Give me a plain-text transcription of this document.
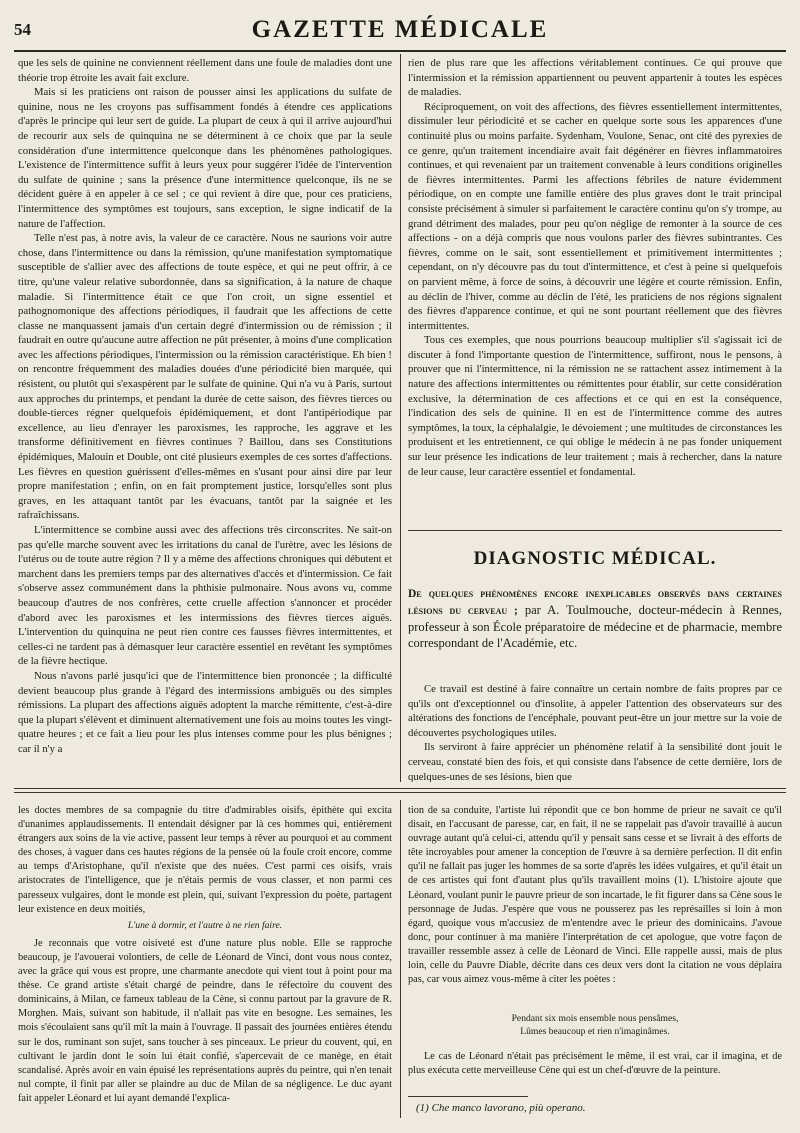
54	GAZETTE MÉDICALE

que les sels de quinine ne conviennent réellement dans une foule de maladies dont une théorie trop étroite les avait fait exclure.

Mais si les praticiens ont raison de pousser ainsi les applications du sulfate de quinine, nous ne les croyons pas suffisamment fondés à étendre ces applications d'après le principe qui leur sert de guide. La plupart de ceux à qui il arrive aujourd'hui de recourir aux sels de quinquina ne se déterminent à ce choix que par la seule considération d'une intermittence quelconque dans les phénomènes pathologiques. L'existence de l'intermittence suffit à leurs yeux pour suggérer l'idée de l'intervention du sulfate de quinine ; sans la présence d'une intermittence quelconque, ils ne se décident guère à en appeler à ce sel ; ce qui revient à dire que, pour ces praticiens, l'intermittence des symptômes est toujours, sans exception, le signe indicatif de la nature de l'affection.

Telle n'est pas, à notre avis, la valeur de ce caractère. Nous ne saurions voir autre chose, dans l'intermittence ou dans la rémission, qu'une manifestation symptomatique susceptible de s'allier avec des affections de toute espèce, et qui ne peut offrir, à ce titre, qu'une valeur relative subordonnée, dans sa signification, à la nature de chaque maladie. Si l'intermittence était ce que l'on croit, un signe essentiel et pathognomonique des affections périodiques, il faudrait que les affections de cette classe ne manquassent jamais d'un certain degré d'intermission ou de rémission ; il faudrait en outre qu'aucune autre affection ne pût présenter, à moins d'une complication avec les affections périodiques, l'intermission ou la rémission caractéristique. Eh bien ! on rencontre fréquemment des maladies douées d'une périodicité bien marquée, qui résistent, ou plutôt qui s'exaspèrent par le sulfate de quinine. Qui n'a vu à Paris, surtout aux approches du printemps, et pendant la durée de cette saison, des fièvres tierces ou double-tierces régner quelquefois épidémiquement, et dont l'antipériodique par excellence, au lieu d'enrayer les paroxismes, les rapproche, les aggrave et les transforme définitivement en fièvres continues ? Baillou, dans ses Constitutions épidémiques, Malouin et Double, ont cité plusieurs exemples de ces sortes d'affections. Les fièvres en question guérissent d'elles-mêmes en s'usant pour ainsi dire par leur propre manifestation ; enfin, on en fait promptement justice, lorsqu'elles sont plus graves, en les attaquant tantôt par les évacuans, tantôt par la saignée et les rafraîchissans.

L'intermittence se combine aussi avec des affections très circonscrites. Ne sait-on pas qu'elle marche souvent avec les irritations du canal de l'urètre, avec les lésions de l'utérus ou de toute autre région ? Il y a même des affections chroniques qui débutent et marchent dans les premiers temps par des alternatives d'accès et d'intermission. Ce fait s'observe assez communément dans la phthisie pulmonaire. Nous avons vu, comme beaucoup d'autres de nos confrères, cette cruelle affection s'annoncer et procéder d'abord avec les paroxismes et les intermissions des fièvres tierces aiguës. L'intervention du quinquina ne peut rien contre ces fausses fièvres intermittentes, et celles-ci ne tardent pas à démasquer leur caractère essentiel en revêtant les symptômes de la fièvre hectique.

Nous n'avons parlé jusqu'ici que de l'intermittence bien prononcée ; la difficulté devient beaucoup plus grande à l'égard des intermissions ambiguës ou des simples rémissions. La plupart des affections aiguës adoptent la marche rémittente, c'est-à-dire que la plupart s'élèvent et diminuent alternativement une fois au moins toutes les vingt-quatre heures ; et ce fait a lieu pour les plus intenses comme pour les plus bénignes ; car il n'y a

rien de plus rare que les affections véritablement continues. Ce qui prouve que l'intermission et la rémission appartiennent ou peuvent appartenir à toutes les espèces de maladies.

Réciproquement, on voit des affections, des fièvres essentiellement intermittentes, dissimuler leur périodicité et se cacher en quelque sorte sous les apparences d'une continuité plus ou moins parfaite. Sydenham, Voulone, Senac, ont cité des pyrexies de ce genre, qu'un traitement incendiaire avait fait dégénérer en fièvres inflammatoires continues, et qui revenaient par un traitement convenable à leurs conditions originelles de fièvres intermittentes. Parmi les affections fébriles de nature évidemment périodique, on en compte une famille entière des plus graves dont le trait principal consiste précisément à simuler si parfaitement le caractère continu qu'on s'y trompe, au grand détriment des malades, pour peu qu'on néglige de remonter à la source de ces affections - on a déjà compris que nous voulons parler des fièvres subintrantes. Ces fièvres, comme on le sait, sont essentiellement et primitivement intermittentes ; cependant, on n'y découvre pas du tout d'intermittence, et c'est à peine si quelquefois on parvient même, à force de soins, à découvrir une légère et courte rémission. Enfin, au déclin de l'hiver, comme au déclin de l'été, les praticiens de nos régions signalent des fièvres d'apparence continue, et qui ne sont pourtant réellement que des fièvres intermittentes.

Tous ces exemples, que nous pourrions beaucoup multiplier s'il s'agissait ici de discuter à fond l'importante question de l'intermittence, suffiront, nous le pensons, à prouver que ni l'intermittence, ni la rémission ne se rattachent assez intimement à la nature des affections intermittentes ou rémittentes pour établir, sur cette considération exclusive, la détermination de ces affections et ce qui en est la conséquence, l'indication des sels de quinine. Il en est de l'intermittence comme des autres symptômes, la toux, la céphalalgie, le dévoiement ; une multitudes de circonstances les produisent et les entretiennent, ce qui oblige le médecin à ne pas fonder uniquement sur leur présence les indications de leur traitement ; mais à rechercher, dans la nature de leur cause, leur caractère essentiel et fondamental.

DIAGNOSTIC MÉDICAL.
De quelques phénomènes encore inexplicables observés dans certaines lésions du cerveau ; par A. Toulmouche, docteur-médecin à Rennes, professeur à son École préparatoire de médecine et de pharmacie, membre correspondant de l'Académie, etc.

Ce travail est destiné à faire connaître un certain nombre de faits propres par ce qu'ils ont d'exceptionnel ou d'insolite, à appeler l'attention des observateurs sur des altérations des fonctions de l'encéphale, pouvant peut-être un jour mettre sur la voie de découvertes psychologiques utiles.

Ils serviront à faire apprécier un phénomène relatif à la sensibilité dont jouit le cerveau, constaté bien des fois, et qui consiste dans l'absence de cette dernière, lors de quelques-unes de ses lésions, bien que

les doctes membres de sa compagnie du titre d'admirables oisifs, épithète qui excita d'unanimes applaudissements. Il entendait désigner par là ces hommes qui, entièrement étrangers aux soins de la vie active, passent leur temps à rêver au pourquoi et au comment des choses, à vaguer dans ces hautes régions de la pensée où la foule croit encore, comme au temps d'Aristophane, qu'il n'existe que des nuées. C'est parmi ces oisifs, vrais aristocrates de l'intelligence, que je n'étais permis de vous classer, et non parmi ces paresseux vulgaires, dont le monde est plein, qui, suivant l'expression du poète, partagent leur existence en deux moitiés,

L'une à dormir, et l'autre à ne rien faire.

Je reconnais que votre oisiveté est d'une nature plus noble. Elle se rapproche beaucoup, je l'avouerai volontiers, de celle de Léonard de Vinci, dont vous nous contez, avec la grâce qui vous est propre, une charmante anecdote qui vient tout à point pour ma thèse. Ce grand artiste s'était chargé de peindre, dans le réfectoire du couvent des dominicains, à Milan, ce fameux tableau de la Cène, si connu partout par la gravure de R. Morghen. Mais, suivant son habitude, il n'allait pas vite en besogne. Les semaines, les mois s'écoulaient sans qu'il mît la main à l'ouvrage. Il passait des journées entières étendu sur le dos, ruminant son sujet, sans toucher à ses pinceaux. Le prieur du couvent, qui, en cultivant le jardin dont le soin lui était confié, s'apercevait de ce manège, en était scandalisé. Après avoir en vain épuisé les représentations auprès du peintre, qui n'en tenait nul compte, il finit par aller se plaindre au duc de Milan de sa négligence. Le duc ayant fait appeler Léonard et lui ayant demandé l'explica-

tion de sa conduite, l'artiste lui répondit que ce bon homme de prieur ne savait ce qu'il disait, en l'accusant de paresse, car, en fait, il ne se rappelait pas d'avoir travaillé à aucun ouvrage autant qu'à celui-ci, attendu qu'il y pensait sans cesse et se livrait à des efforts de tête incroyables pour amener la conception de l'œuvre à sa dernière perfection. Il dit enfin qu'il ne fallait pas juger les hommes de sa sorte d'après les idées vulgaires, et qu'il était un de ces artistes qui font d'autant plus qu'ils travaillent moins (1). L'histoire ajoute que Léonard, voulant punir le pauvre prieur de son incartade, le fit figurer dans sa Cène sous le personnage de Judas. J'espère que vous ne pousserez pas les représailles si loin à mon égard, quoique vous m'accusiez de m'entendre avec le prieur des dominicains. J'avoue donc, pour continuer à ma manière l'interprétation de cet apologue, que votre façon de travailler ressemble assez à celle de Léonard de Vinci. Elle rappelle aussi, mais de plus loin, celle du Pauvre Diable, décrite dans ces deux vers dont la citation ne vous déplaira pas, car vous aimez vous-même à citer les poètes :

Pendant six mois ensemble nous pensâmes,
Lûmes beaucoup et rien n'imaginâmes.

Le cas de Léonard n'était pas précisément le même, il est vrai, car il imagina, et de plus exécuta cette merveilleuse Cène qui est un chef-d'œuvre de la peinture.

(1) Che manco lavorano, più operano.
